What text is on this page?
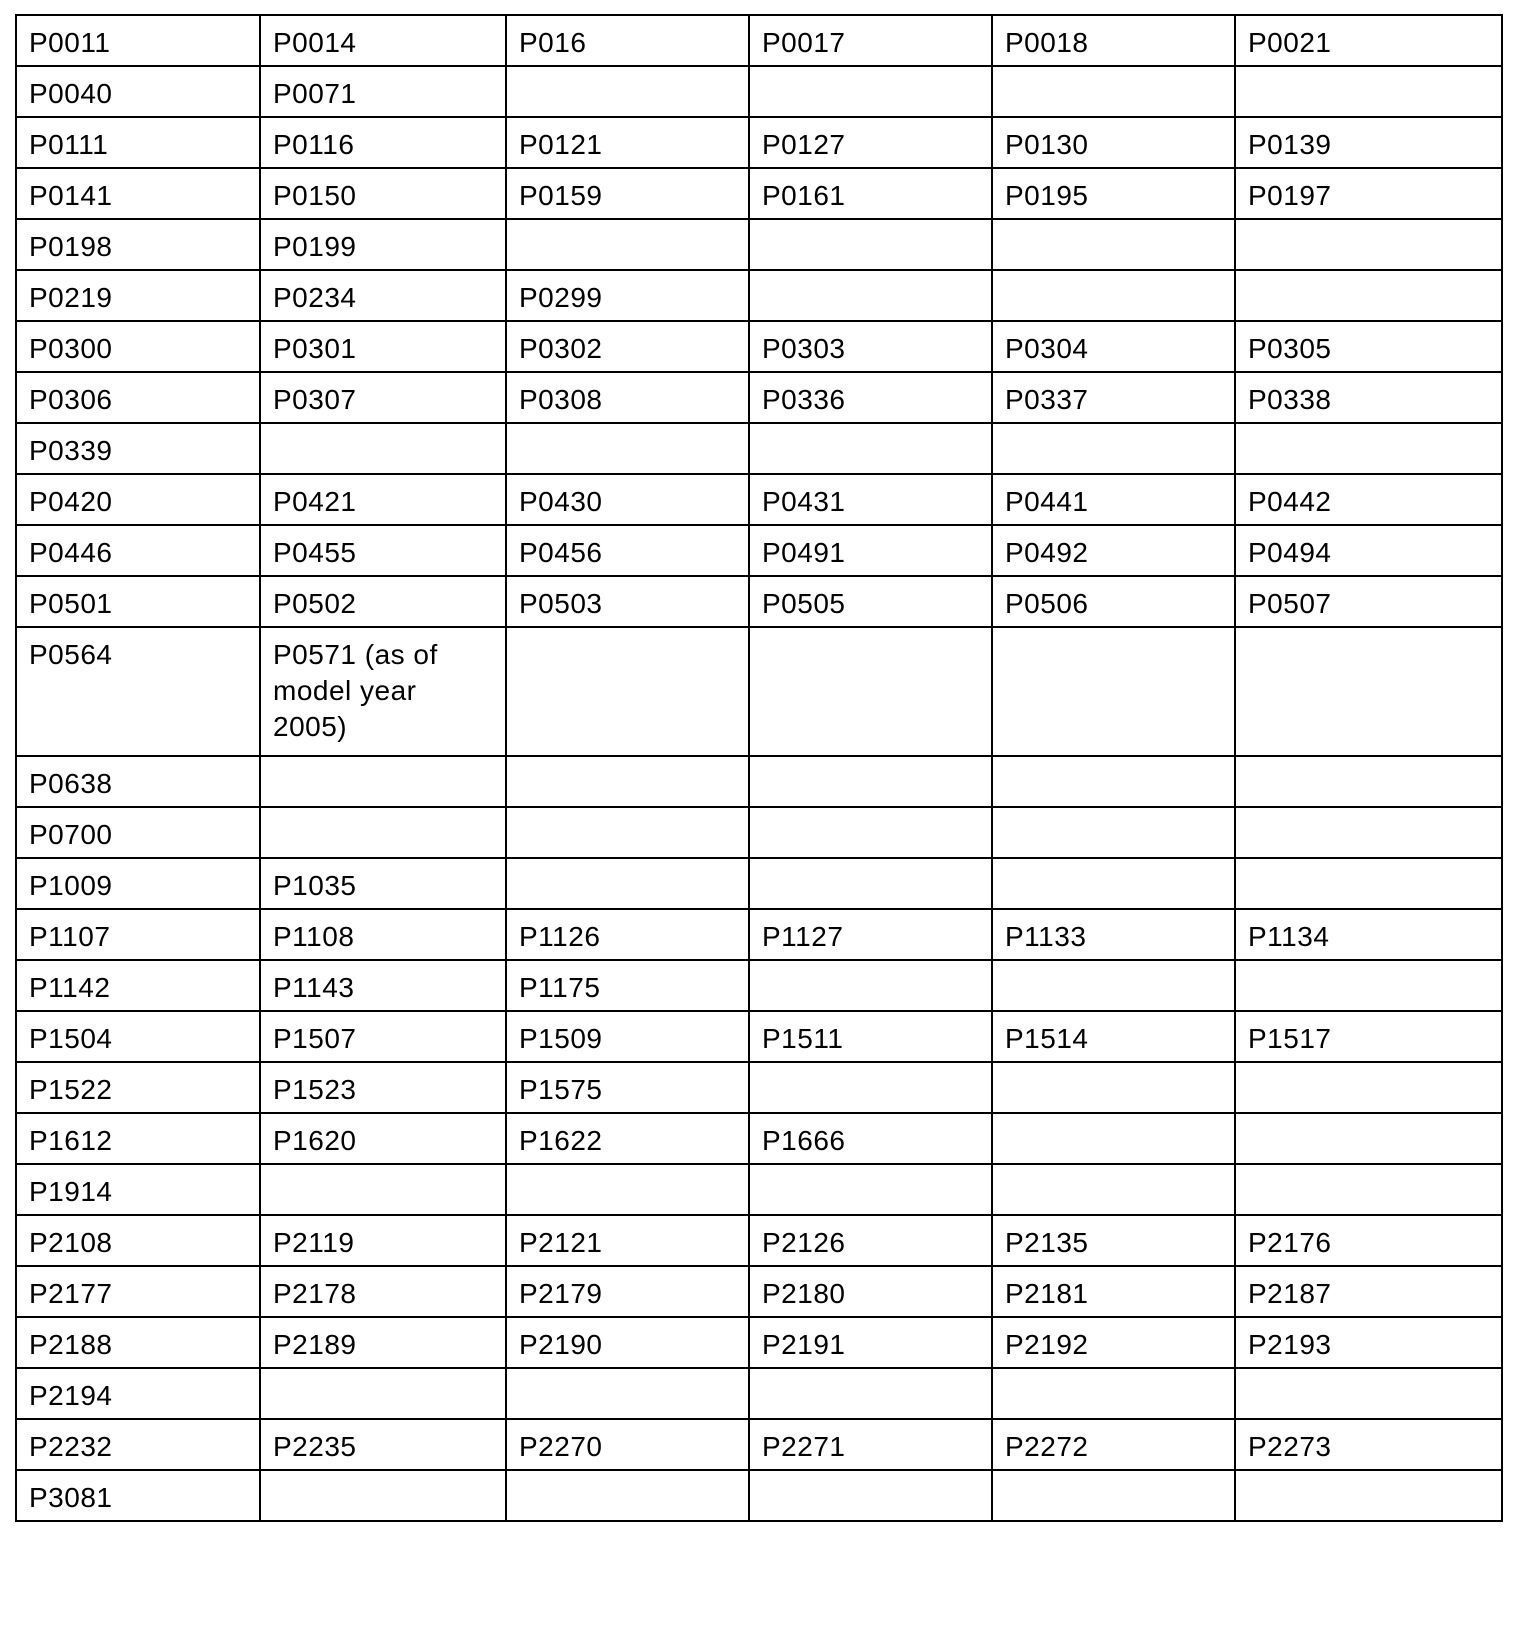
P0011	P0014	P016	P0017	P0018	P0021
P0040	P0071				
P0111	P0116	P0121	P0127	P0130	P0139
P0141	P0150	P0159	P0161	P0195	P0197
P0198	P0199				
P0219	P0234	P0299			
P0300	P0301	P0302	P0303	P0304	P0305
P0306	P0307	P0308	P0336	P0337	P0338
P0339					
P0420	P0421	P0430	P0431	P0441	P0442
P0446	P0455	P0456	P0491	P0492	P0494
P0501	P0502	P0503	P0505	P0506	P0507
P0564	P0571 (as of
model year
2005)				
P0638					
P0700					
P1009	P1035				
P1107	P1108	P1126	P1127	P1133	P1134
P1142	P1143	P1175			
P1504	P1507	P1509	P1511	P1514	P1517
P1522	P1523	P1575			
P1612	P1620	P1622	P1666		
P1914					
P2108	P2119	P2121	P2126	P2135	P2176
P2177	P2178	P2179	P2180	P2181	P2187
P2188	P2189	P2190	P2191	P2192	P2193
P2194					
P2232	P2235	P2270	P2271	P2272	P2273
P3081					
